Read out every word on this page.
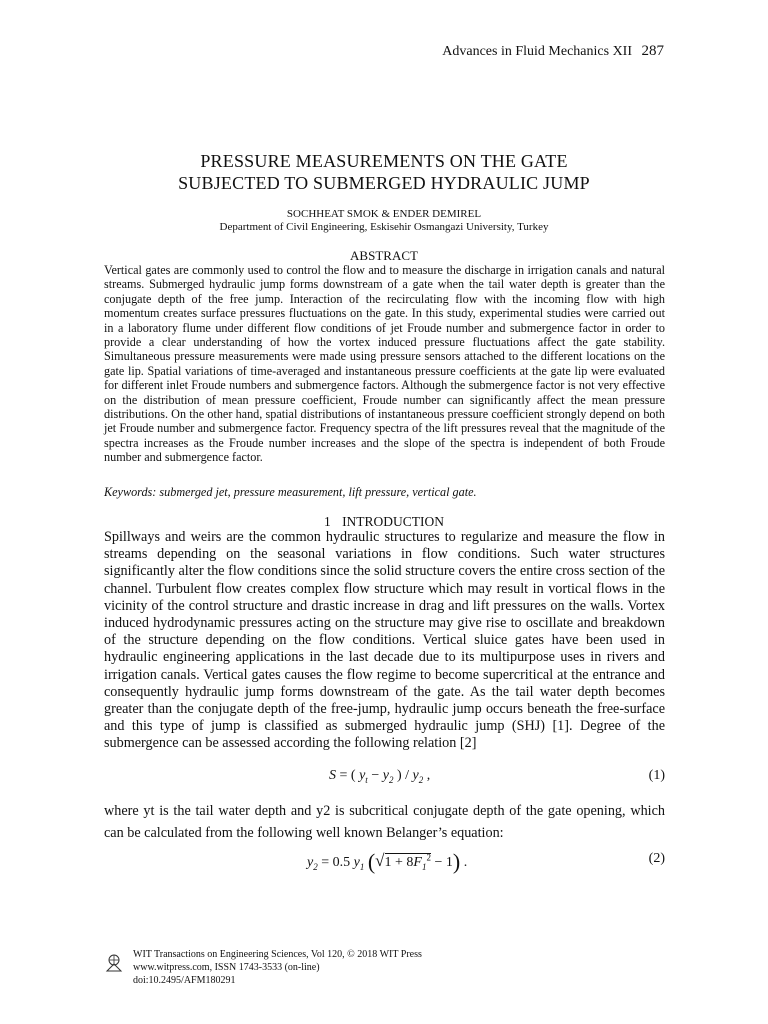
Advances in Fluid Mechanics XII 287
PRESSURE MEASUREMENTS ON THE GATE
SUBJECTED TO SUBMERGED HYDRAULIC JUMP
SOCHHEAT SMOK & ENDER DEMIREL
Department of Civil Engineering, Eskisehir Osmangazi University, Turkey
ABSTRACT
Vertical gates are commonly used to control the flow and to measure the discharge in irrigation canals and natural streams. Submerged hydraulic jump forms downstream of a gate when the tail water depth is greater than the conjugate depth of the free jump. Interaction of the recirculating flow with the incoming flow with high momentum creates surface pressures fluctuations on the gate. In this study, experimental studies were carried out in a laboratory flume under different flow conditions of jet Froude number and submergence factor in order to provide a clear understanding of how the vortex induced pressure fluctuations affect the gate stability. Simultaneous pressure measurements were made using pressure sensors attached to the different locations on the gate lip. Spatial variations of time-averaged and instantaneous pressure coefficients at the gate lip were evaluated for different inlet Froude numbers and submergence factors. Although the submergence factor is not very effective on the distribution of mean pressure coefficient, Froude number can significantly affect the mean pressure distributions. On the other hand, spatial distributions of instantaneous pressure coefficient strongly depend on both jet Froude number and submergence factor. Frequency spectra of the lift pressures reveal that the magnitude of the spectra increases as the Froude number increases and the slope of the spectra is independent of both Froude number and submergence factor.
Keywords: submerged jet, pressure measurement, lift pressure, vertical gate.
1 INTRODUCTION
Spillways and weirs are the common hydraulic structures to regularize and measure the flow in streams depending on the seasonal variations in flow conditions. Such water structures significantly alter the flow conditions since the solid structure covers the entire cross section of the channel. Turbulent flow creates complex flow structure which may result in vortical flows in the vicinity of the control structure and drastic increase in drag and lift pressures on the walls. Vortex induced hydrodynamic pressures acting on the structure may give rise to oscillate and breakdown of the structure depending on the flow conditions. Vertical sluice gates have been used in hydraulic engineering applications in the last decade due to its multipurpose uses in rivers and irrigation canals. Vertical gates causes the flow regime to become supercritical at the entrance and consequently hydraulic jump forms downstream of the gate. As the tail water depth becomes greater than the conjugate depth of the free-jump, hydraulic jump occurs beneath the free-surface and this type of jump is classified as submerged hydraulic jump (SHJ) [1]. Degree of the submergence can be assessed according the following relation [2]
S = ( $y_t - y_2$ ) / $y_2$ ,	(1)
where yt is the tail water depth and y2 is subcritical conjugate depth of the gate opening, which can be calculated from the following well known Belanger’s equation:
$y_2 = 0.5$ $y_1$ $(√1 + 8F_1^2 - 1)$ .	(2)
WIT Transactions on Engineering Sciences, Vol 120, © 2018 WIT Press
www.witpress.com, ISSN 1743-3533 (on-line)
doi:10.2495/AFM180291
